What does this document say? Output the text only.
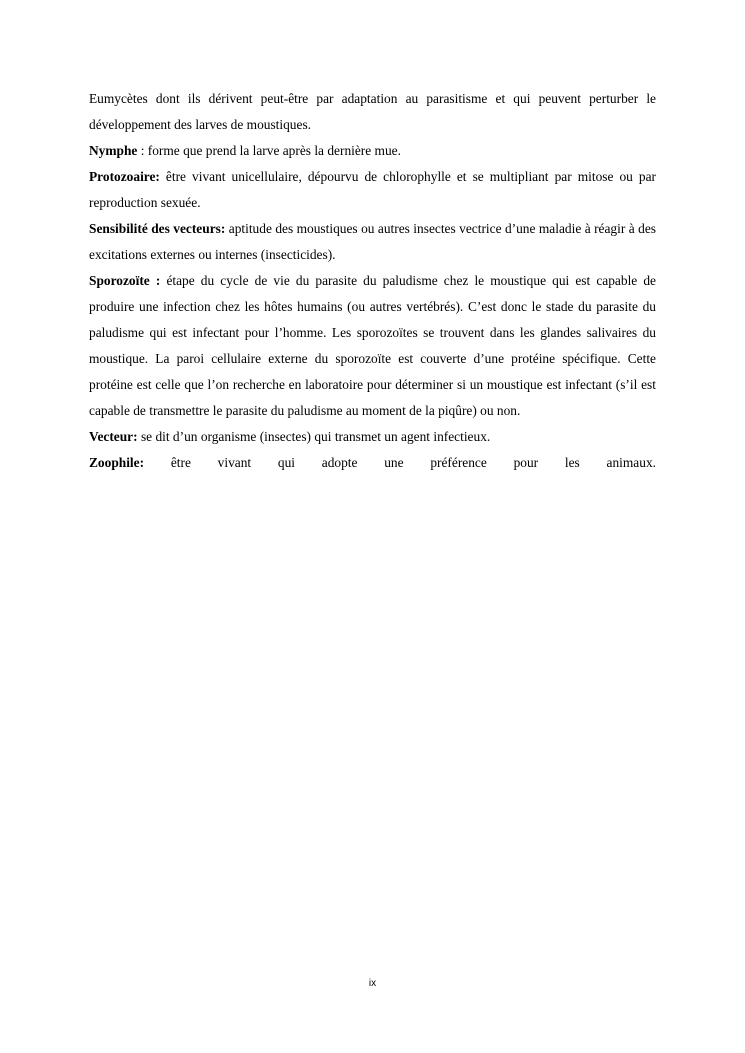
Eumycètes dont ils dérivent peut-être par adaptation au parasitisme et qui peuvent perturber le développement des larves de moustiques.

Nymphe : forme que prend la larve après la dernière mue.

Protozoaire: être vivant unicellulaire, dépourvu de chlorophylle et se multipliant par mitose ou par reproduction sexuée.

Sensibilité des vecteurs: aptitude des moustiques ou autres insectes vectrice d’une maladie à réagir à des excitations externes ou internes (insecticides).

Sporozoïte : étape du cycle de vie du parasite du paludisme chez le moustique qui est capable de produire une infection chez les hôtes humains (ou autres vertébrés). C’est donc le stade du parasite du paludisme qui est infectant pour l’homme. Les sporozoïtes se trouvent dans les glandes salivaires du moustique. La paroi cellulaire externe du sporozoïte est couverte d’une protéine spécifique. Cette protéine est celle que l’on recherche en laboratoire pour déterminer si un moustique est infectant (s’il est capable de transmettre le parasite du paludisme au moment de la piqûre) ou non.

Vecteur: se dit d’un organisme (insectes) qui transmet un agent infectieux.

Zoophile: être vivant qui adopte une préférence pour les animaux.

ix
